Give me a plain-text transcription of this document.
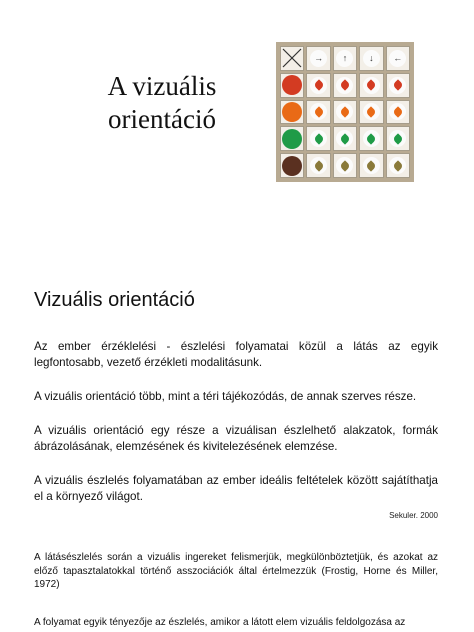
A vizuális
orientáció
→	↑	↓	←
Vizuális orientáció
Az ember érzéklelési - észlelési folyamatai közül a látás az egyik legfontosabb, vezető érzékleti modalitásunk.
A vizuális orientáció több, mint a téri tájékozódás, de annak szerves része.
A vizuális orientáció egy része a vizuálisan észlelhető alakzatok, formák ábrázolásának, elemzésének és kivitelezésének elemzése.
A vizuális észlelés folyamatában az ember ideális feltételek között sajátíthatja el a környező világot.
Sekuler. 2000
A látásészlelés során a vizuális ingereket felismerjük, megkülönböztetjük, és azokat az előző tapasztalatokkal történő asszociációk által értelmezzük (Frostig, Horne és Miller, 1972)
A folyamat egyik tényezője az észlelés, amikor a látott elem vizuális feldolgozása az
